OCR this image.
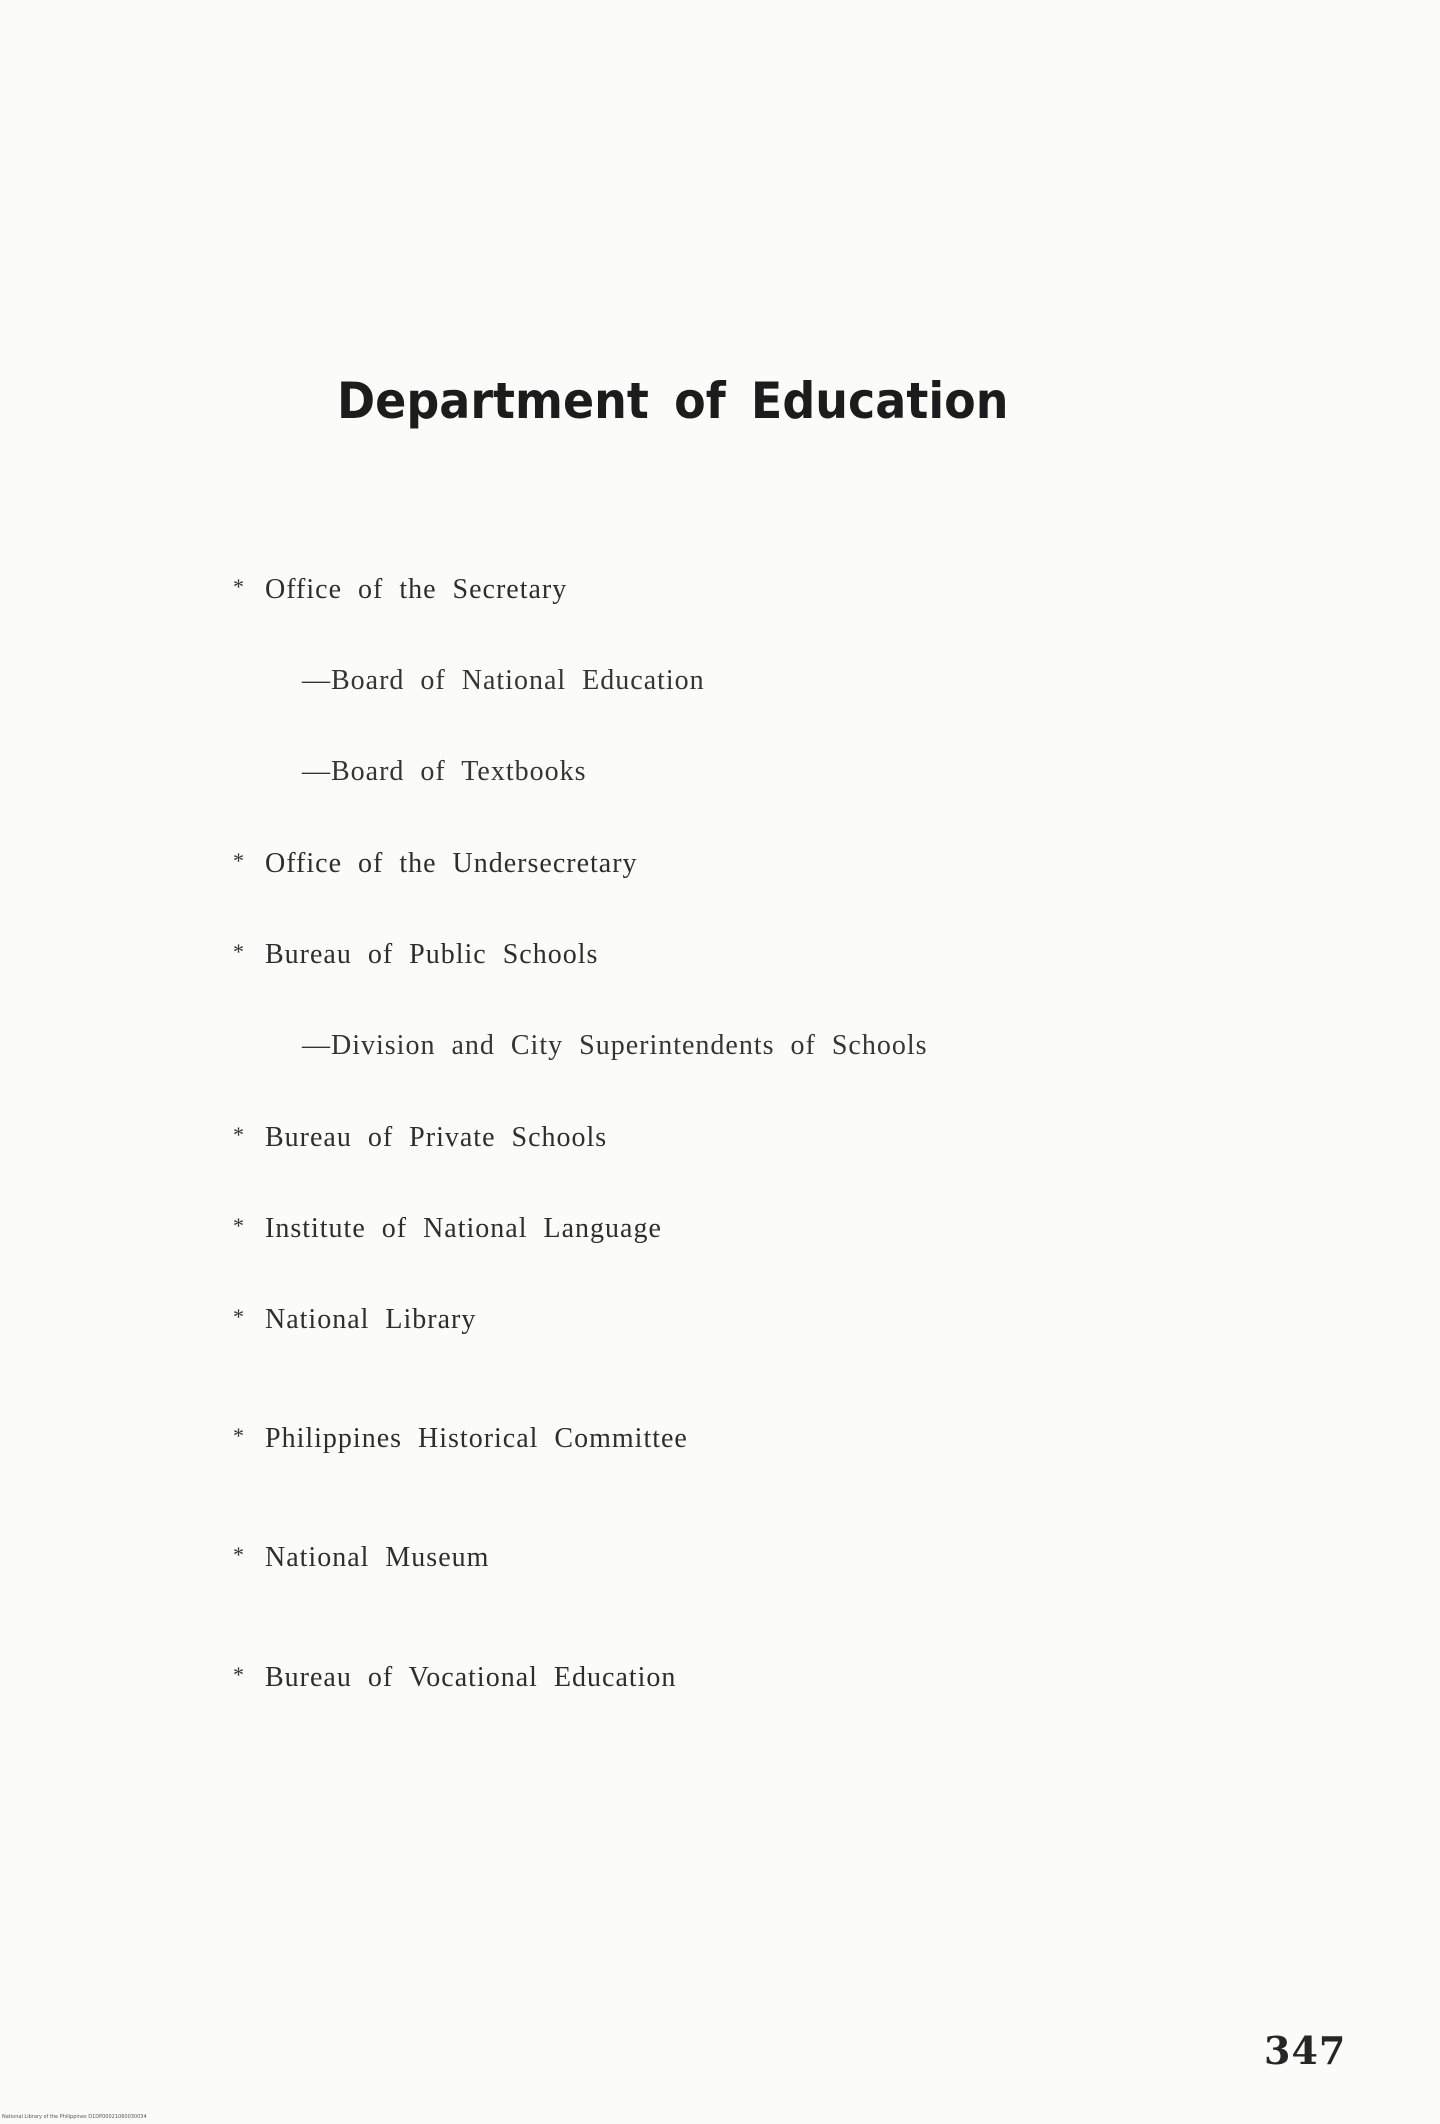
Department of Education
* Office of the Secretary
—Board of National Education
—Board of Textbooks
* Office of the Undersecretary
* Bureau of Public Schools
—Division and City Superintendents of Schools
* Bureau of Private Schools
* Institute of National Language
* National Library
* Philippines Historical Committee
* National Museum
* Bureau of Vocational Education
347
National Library of the Philippines D1DP00021060030034
